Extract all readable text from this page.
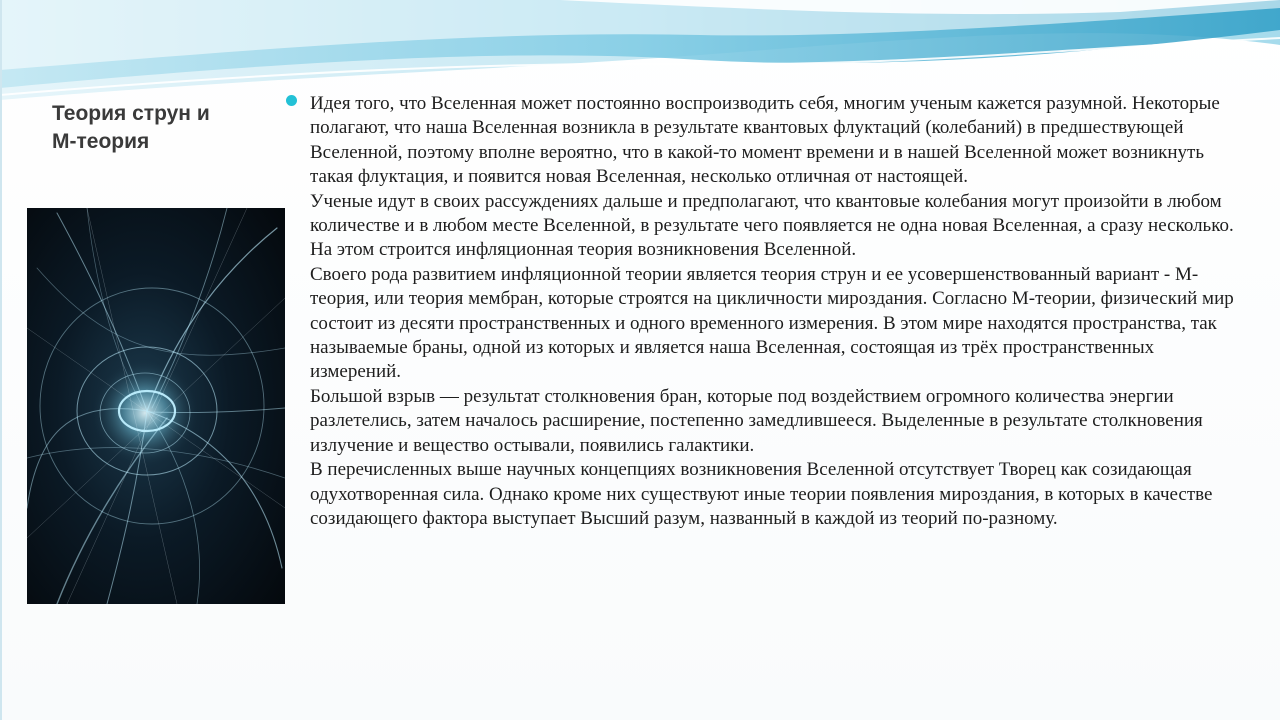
Теория струн и
М-теория
Идея того, что Вселенная может постоянно воспроизводить себя, многим ученым кажется разумной. Некоторые полагают, что наша Вселенная возникла в результате квантовых флуктаций (колебаний) в предшествующей Вселенной, поэтому вполне вероятно, что в какой-то момент времени и в нашей Вселенной может возникнуть такая флуктация, и появится новая Вселенная, несколько отличная от настоящей.
Ученые идут в своих рассуждениях дальше и предполагают, что квантовые колебания могут произойти в любом количестве и в любом месте Вселенной, в результате чего появляется не одна новая Вселенная, а сразу несколько. На этом строится инфляционная теория возникновения Вселенной.
Своего рода развитием инфляционной теории является теория струн и ее усовершенствованный вариант - М-теория, или теория мембран, которые строятся на цикличности мироздания. Согласно М-теории, физический мир состоит из десяти пространственных и одного временного измерения. В этом мире находятся пространства, так называемые браны, одной из которых и является наша Вселенная, состоящая из трёх пространственных измерений.
Большой взрыв — результат столкновения бран, которые под воздействием огромного количества энергии разлетелись, затем началось расширение, постепенно замедлившееся. Выделенные в результате столкновения излучение и вещество остывали, появились галактики.
В перечисленных выше научных концепциях возникновения Вселенной отсутствует Творец как созидающая одухотворенная сила. Однако кроме них существуют иные теории появления мироздания, в которых в качестве созидающего фактора выступает Высший разум, названный в каждой из теорий по-разному.
